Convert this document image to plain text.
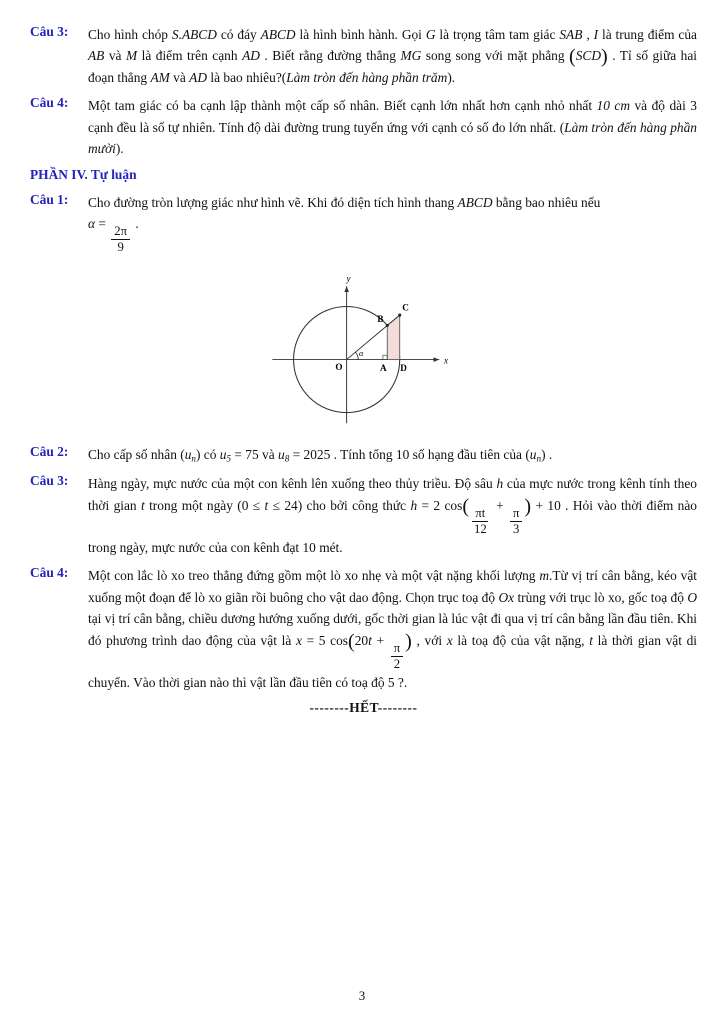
Câu 3:	Cho hình chóp S.ABCD có đáy ABCD là hình bình hành. Gọi G là trọng tâm tam giác SAB , I là trung điểm của AB và M là điểm trên cạnh AD . Biết rằng đường thẳng MG song song với mặt phẳng (SCD) . Tỉ số giữa hai đoạn thẳng AM và AD là bao nhiêu?(Làm tròn đến hàng phần trăm).
Câu 4:	Một tam giác có ba cạnh lập thành một cấp số nhân. Biết cạnh lớn nhất hơn cạnh nhỏ nhất 10 cm và độ dài 3 cạnh đều là số tự nhiên. Tính độ dài đường trung tuyến ứng với cạnh có số đo lớn nhất. (Làm tròn đến hàng phần mười).
PHẦN IV. Tự luận
Câu 1:	Cho đường tròn lượng giác như hình vẽ. Khi đó diện tích hình thang ABCD bằng bao nhiêu nếu
α =
$\frac{2\pi}{9}$
.
y
x
O	A D
B
C
α
Câu 2:	Cho cấp số nhân $(u_n)$ có $u_5 = 75$ và $u_8 = 2025$ . Tính tổng 10 số hạng đầu tiên của $(u_n)$ .
Câu 3:	Hàng ngày, mực nước của một con kênh lên xuống theo thủy triều. Độ sâu h của mực nước trong kênh tính theo thời gian t trong một ngày (0 ≤ t ≤ 24) cho bởi công thức h = 2 $\cos( \frac{\pi t}{12}$
+
$\frac{\pi}{3}$ ) + 10 . Hỏi vào thời điểm nào trong ngày, mực nước của con kênh đạt 10 mét.
Câu 4:	Một con lắc lò xo treo thẳng đứng gồm một lò xo nhẹ và một vật nặng khối lượng m.Từ vị trí cân bằng, kéo vật xuống một đoạn để lò xo giãn rồi buông cho vật dao động. Chọn trục toạ độ Ox trùng với trục lò xo, gốc toạ độ O tại vị trí cân bằng, chiều dương hướng xuống dưới, gốc thời gian là lúc vật đi qua vị trí cân bằng lần đầu tiên. Khi đó phương trình dao động của vật là x = 5 cos(20t +
$\frac{\pi}{2}$ ) , với x là toạ độ của vật nặng, t là thời gian vật di chuyển. Vào thời gian nào thì vật lần đầu tiên có toạ độ 5 ?.
--------HẾT--------
3
